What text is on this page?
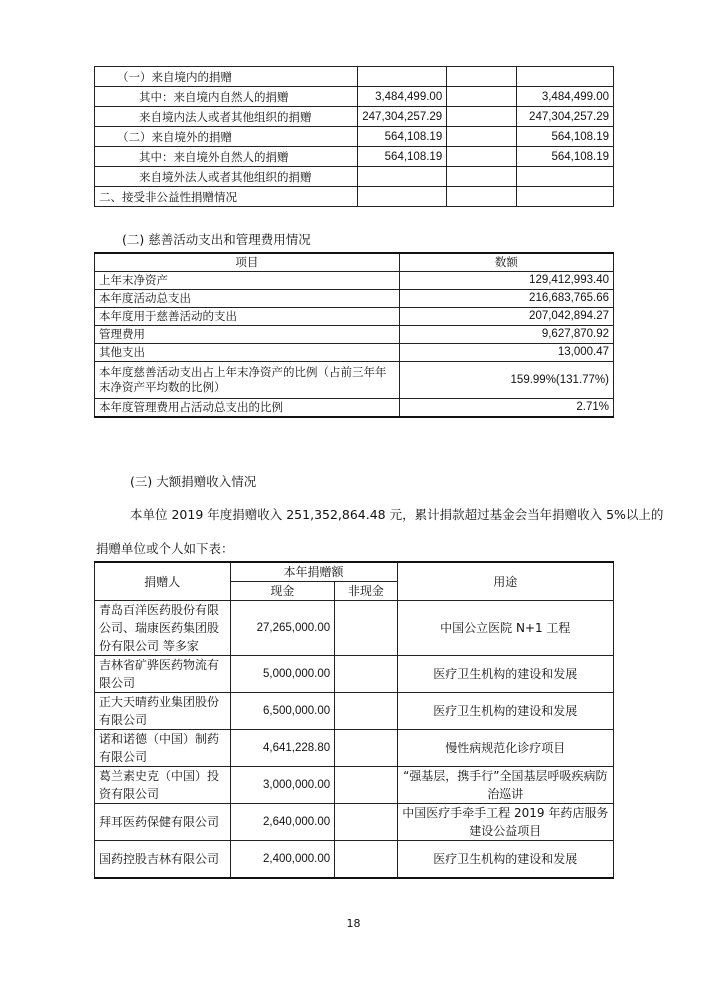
（一）来自境内的捐赠			
其中：来自境内自然人的捐赠	3,484,499.00		3,484,499.00
来自境内法人或者其他组织的捐赠	247,304,257.29		247,304,257.29
（二）来自境外的捐赠	564,108.19		564,108.19
其中：来自境外自然人的捐赠	564,108.19		564,108.19
来自境外法人或者其他组织的捐赠			
二、接受非公益性捐赠情况			
(二) 慈善活动支出和管理费用情况
项目	数额
上年末净资产	129,412,993.40
本年度活动总支出	216,683,765.66
本年度用于慈善活动的支出	207,042,894.27
管理费用	9,627,870.92
其他支出	13,000.47
本年度慈善活动支出占上年末净资产的比例（占前三年年末净资产平均数的比例）	159.99%(131.77%)
本年度管理费用占活动总支出的比例	2.71%
(三) 大额捐赠收入情况
本单位 2019 年度捐赠收入 251,352,864.48 元，累计捐款超过基金会当年捐赠收入 5%以上的
捐赠单位或个人如下表：
捐赠人	本年捐赠额		用途
	现金	非现金	
青岛百洋医药股份有限公司、瑞康医药集团股份有限公司 等多家	27,265,000.00		中国公立医院 N+1 工程
吉林省矿骅医药物流有限公司	5,000,000.00		医疗卫生机构的建设和发展
正大天晴药业集团股份有限公司	6,500,000.00		医疗卫生机构的建设和发展
诺和诺德（中国）制药有限公司	4,641,228.80		慢性病规范化诊疗项目
葛兰素史克（中国）投资有限公司	3,000,000.00		“强基层，携手行”全国基层呼吸疾病防治巡讲
拜耳医药保健有限公司	2,640,000.00		中国医疗手牵手工程 2019 年药店服务建设公益项目
国药控股吉林有限公司	2,400,000.00		医疗卫生机构的建设和发展
18
